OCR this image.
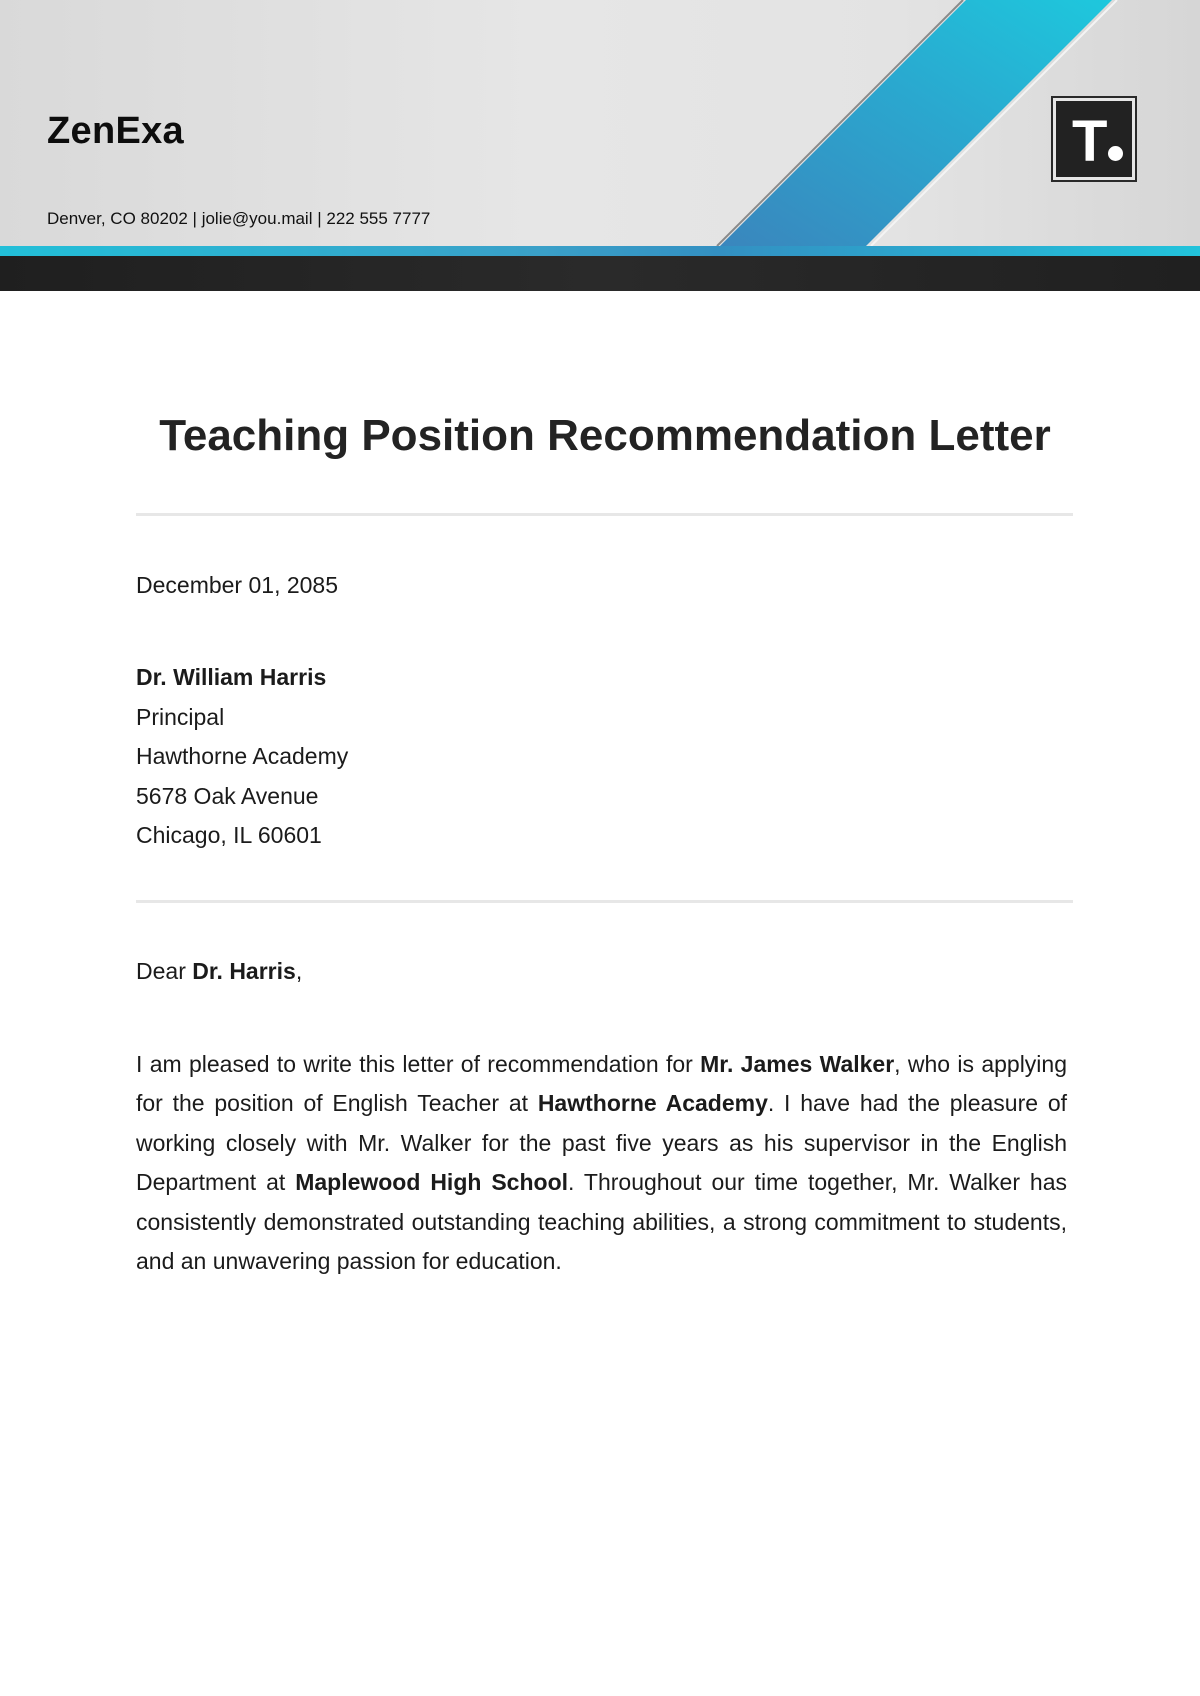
ZenExa
Denver, CO 80202 | jolie@you.mail | 222 555 7777
T
Teaching Position Recommendation Letter
December 01, 2085
Dr. William Harris
Principal
Hawthorne Academy
5678 Oak Avenue
Chicago, IL 60601
Dear Dr. Harris,

I am pleased to write this letter of recommendation for Mr. James Walker, who is applying for the position of English Teacher at Hawthorne Academy. I have had the pleasure of working closely with Mr. Walker for the past five years as his supervisor in the English Department at Maplewood High School. Throughout our time together, Mr. Walker has consistently demonstrated outstanding teaching abilities, a strong commitment to students, and an unwavering passion for education.
